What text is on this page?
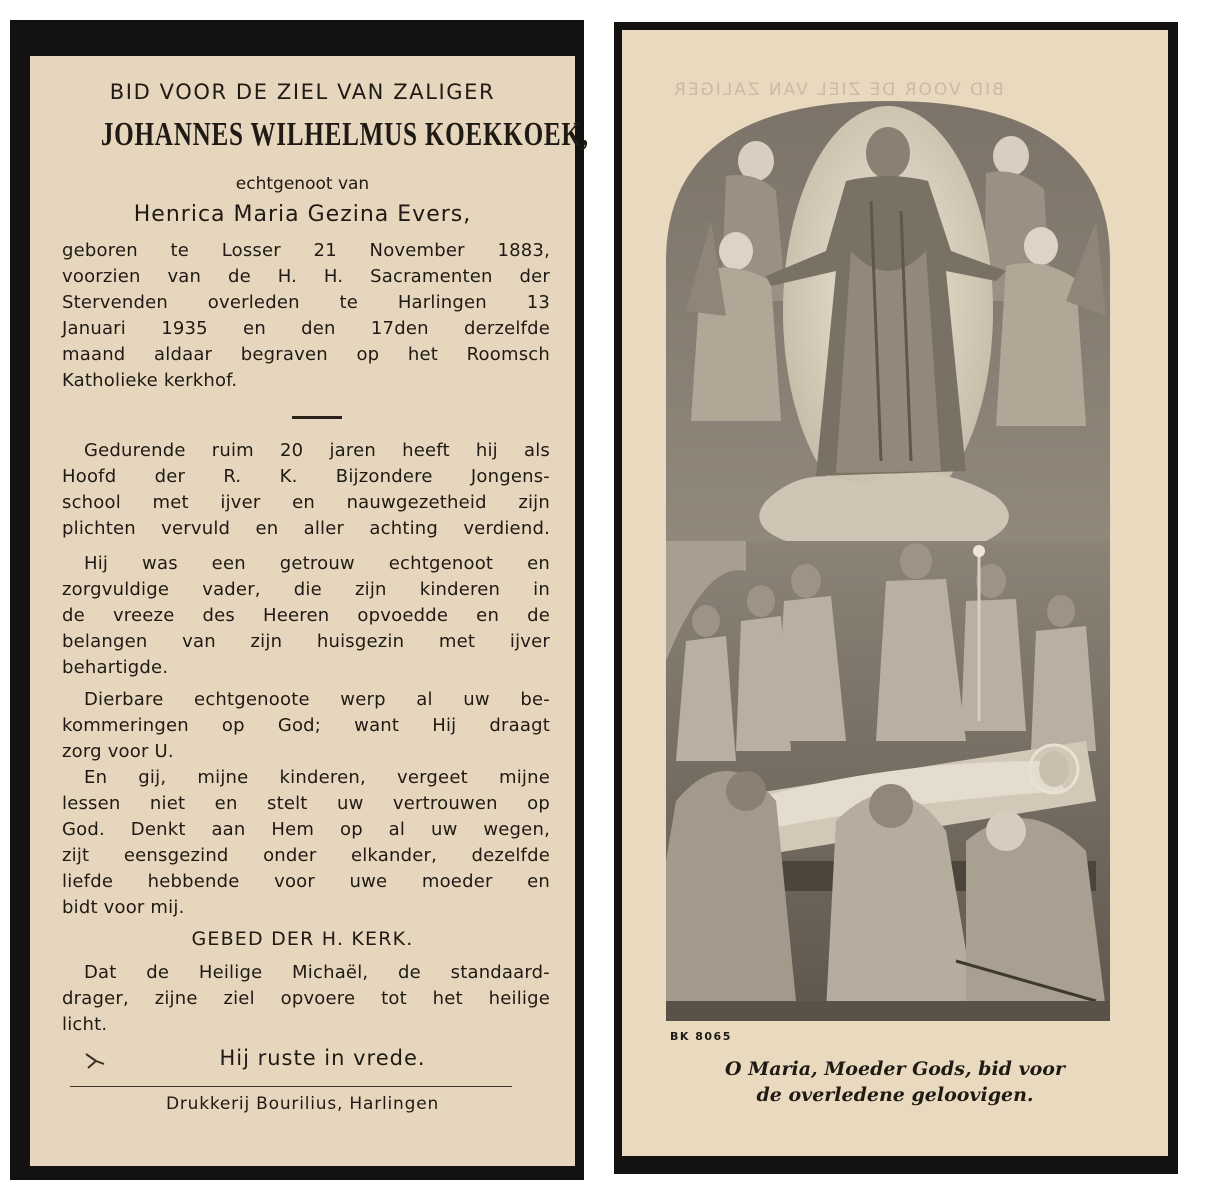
BID VOOR DE ZIEL VAN ZALIGER
JOHANNES WILHELMUS KOEKKOEK,
echtgenoot van
Henrica Maria Gezina Evers,
geboren te Losser 21 November 1883,
voorzien van de H. H. Sacramenten der
Stervenden overleden te Harlingen 13
Januari 1935 en den 17den derzelfde
maand aldaar begraven op het Roomsch
Katholieke kerkhof.
Gedurende ruim 20 jaren heeft hij als
Hoofd der R. K. Bijzondere Jongens-
school met ijver en nauwgezetheid zijn
plichten vervuld en aller achting verdiend.
Hij was een getrouw echtgenoot en
zorgvuldige vader, die zijn kinderen in
de vreeze des Heeren opvoedde en de
belangen van zijn huisgezin met ijver
behartigde.
Dierbare echtgenoote werp al uw be-
kommeringen op God; want Hij draagt
zorg voor U.
En gij, mijne kinderen, vergeet mijne
lessen niet en stelt uw vertrouwen op
God. Denkt aan Hem op al uw wegen,
zijt eensgezind onder elkander, dezelfde
liefde hebbende voor uwe moeder en
bidt voor mij.
GEBED DER H. KERK.
Dat de Heilige Michaël, de standaard-
drager, zijne ziel opvoere tot het heilige
licht.
Hij ruste in vrede.
Drukkerij Bourilius, Harlingen
BID VOOR DE ZIEL VAN ZALIGER
BK 8065
O Maria, Moeder Gods, bid voor
de overledene geloovigen.
